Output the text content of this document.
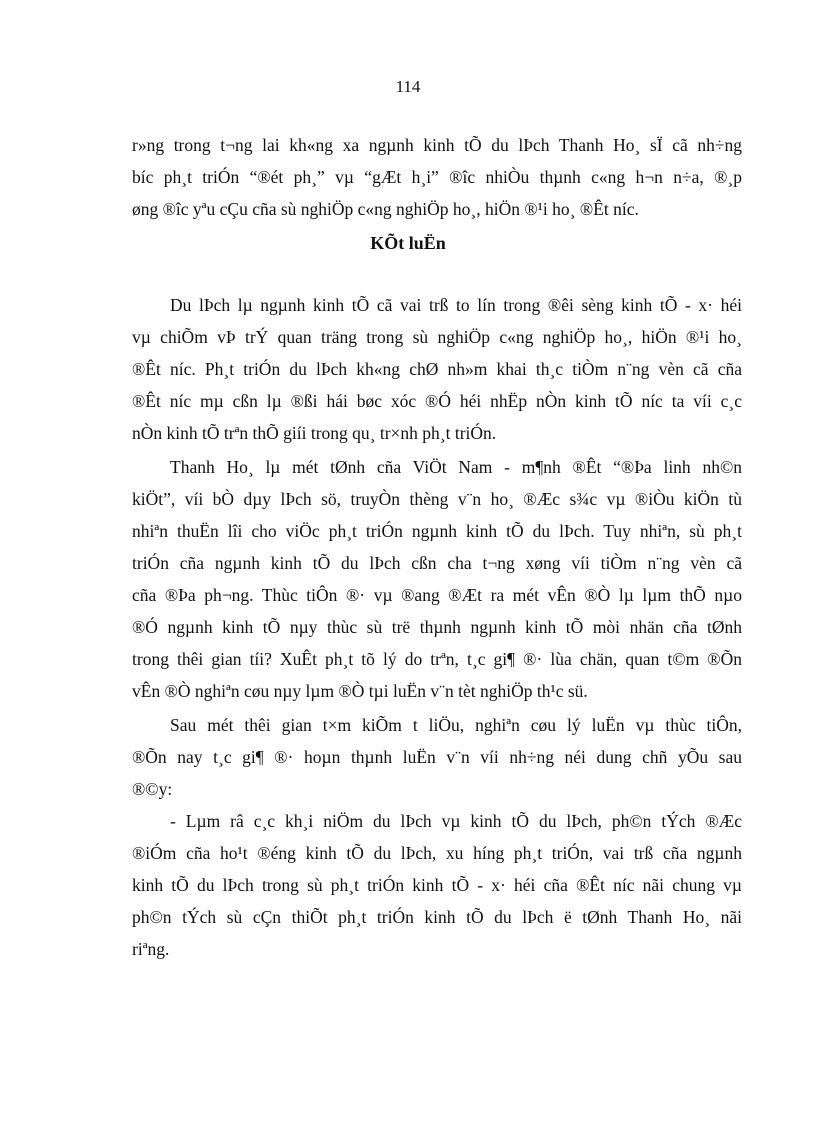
114
r»ng trong t¬ng lai kh«ng xa ngµnh kinh tÕ du lÞch Thanh Ho¸ sÏ cã nh÷ng
bíc ph¸t triÓn “®ét ph¸” vµ “gÆt h¸i” ®îc nhiÒu thµnh c«ng h¬n n÷a, ®¸p
øng ®îc yªu cÇu cña sù nghiÖp c«ng nghiÖp ho¸, hiÖn ®¹i ho¸ ®Êt níc.
KÕt luËn
Du lÞch lµ ngµnh kinh tÕ cã vai trß to lín trong ®êi sèng kinh tÕ - x· héi
vµ chiÕm vÞ trÝ quan träng trong sù nghiÖp c«ng nghiÖp ho¸, hiÖn ®¹i ho¸
®Êt níc. Ph¸t triÓn du lÞch kh«ng chØ nh»m khai th¸c tiÒm n¨ng vèn cã cña
®Êt níc mµ cßn lµ ®ßi hái bøc xóc ®Ó héi nhËp nÒn kinh tÕ níc ta víi c¸c
nÒn kinh tÕ trªn thÕ giíi trong qu¸ tr×nh ph¸t triÓn.
Thanh Ho¸ lµ mét tØnh cña ViÖt Nam - m¶nh ®Êt “®Þa linh nh©n
kiÖt”, víi bÒ dµy lÞch sö, truyÒn thèng v¨n ho¸ ®Æc s¾c vµ ®iÒu kiÖn tù
nhiªn thuËn lîi cho viÖc ph¸t triÓn ngµnh kinh tÕ du lÞch. Tuy nhiªn, sù ph¸t
triÓn cña ngµnh kinh tÕ du lÞch cßn cha t¬ng xøng víi tiÒm n¨ng vèn cã
cña ®Þa ph¬ng. Thùc tiÔn ®· vµ ®ang ®Æt ra mét vÊn ®Ò lµ lµm thÕ nµo
®Ó ngµnh kinh tÕ nµy thùc sù trë thµnh ngµnh kinh tÕ mòi nhän cña tØnh
trong thêi gian tíi? XuÊt ph¸t tõ lý do trªn, t¸c gi¶ ®· lùa chän, quan t©m ®Õn
vÊn ®Ò nghiªn cøu nµy lµm ®Ò tµi luËn v¨n tèt nghiÖp th¹c sü.
Sau mét thêi gian t×m kiÕm t liÖu, nghiªn cøu lý luËn vµ thùc tiÔn,
®Õn nay t¸c gi¶ ®· hoµn thµnh luËn v¨n víi nh÷ng néi dung chñ yÕu sau
®©y:
- Lµm râ c¸c kh¸i niÖm du lÞch vµ kinh tÕ du lÞch, ph©n tÝch ®Æc
®iÓm cña ho¹t ®éng kinh tÕ du lÞch, xu híng ph¸t triÓn, vai trß cña ngµnh
kinh tÕ du lÞch trong sù ph¸t triÓn kinh tÕ - x· héi cña ®Êt níc nãi chung vµ
ph©n tÝch sù cÇn thiÕt ph¸t triÓn kinh tÕ du lÞch ë tØnh Thanh Ho¸ nãi
riªng.
